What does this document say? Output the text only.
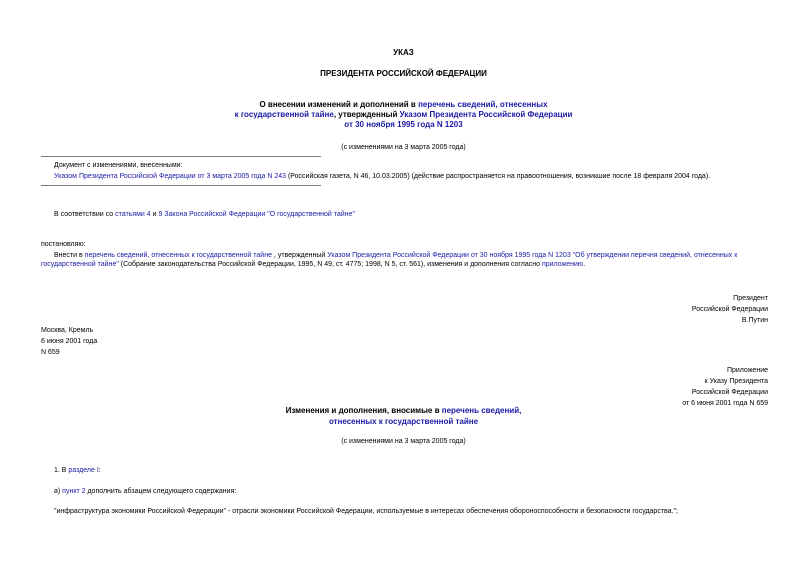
УКАЗ
ПРЕЗИДЕНТА РОССИЙСКОЙ ФЕДЕРАЦИИ
О внесении изменений и дополнений в перечень сведений, отнесенных
к государственной тайне, утвержденный Указом Президента Российской Федерации
от 30 ноября 1995 года N 1203
(с изменениями на 3 марта 2005 года)
Документ с изменениями, внесенными:
Указом Президента Российской Федерации от 3 марта 2005 года N 243 (Российская газета, N 46, 10.03.2005) (действие распространяется на правоотношения, возникшие после 18 февраля 2004 года).
В соответствии со статьями 4 и 9 Закона Российской Федерации "О государственной тайне"
постановляю:
Внести в перечень сведений, отнесенных к государственной тайне , утвержденный Указом Президента Российской Федерации от 30 ноября 1995 года N 1203 "Об утверждении перечня сведений, отнесенных к
государственной тайне" (Собрание законодательства Российской Федерации, 1995, N 49, ст. 4775; 1998, N 5, ст. 561), изменения и дополнения согласно приложению.
Президент
Российской Федерации
В.Путин
Москва, Кремль
6 июня 2001 года
N 659
Приложение
к Указу Президента
Российской Федерации
от 6 июня 2001 года N 659
Изменения и дополнения, вносимые в перечень сведений,
отнесенных к государственной тайне
(с изменениями на 3 марта 2005 года)
1. В разделе I:
а) пункт 2 дополнить абзацем следующего содержания:
"инфраструктура экономики Российской Федерации" - отрасли экономики Российской Федерации, используемые в интересах обеспечения обороноспособности и безопасности государства.";
